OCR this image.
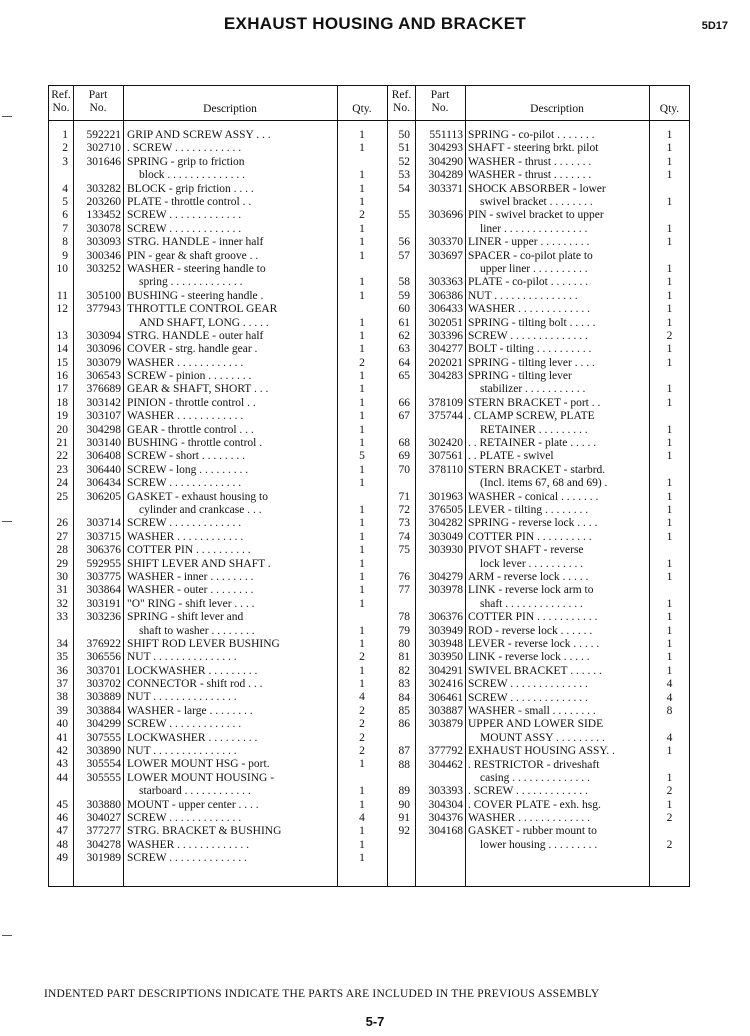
EXHAUST HOUSING AND BRACKET	5D17
Ref.
No.
Part
No.	Description	Qty.
1	592221 GRIP AND SCREW ASSY . . .	1
2	302710 . SCREW . . . . . . . . . . . .	1
3	301646 SPRING - grip to friction
block . . . . . . . . . . . . . .	1
4	303282 BLOCK - grip friction . . . .	1
5	203260 PLATE - throttle control . .	1
6	133452 SCREW . . . . . . . . . . . . .	2
7	303078 SCREW . . . . . . . . . . . . .	1
8	303093 STRG. HANDLE - inner half	1
9	300346 PIN - gear & shaft groove . .	1
10	303252 WASHER - steering handle to
spring . . . . . . . . . . . . .	1
11	305100 BUSHING - steering handle .	1
12	377943 THROTTLE CONTROL GEAR
AND SHAFT, LONG . . . . .	1
13	303094 STRG. HANDLE - outer half	1
14	303096 COVER - strg. handle gear .	1
15	303079 WASHER . . . . . . . . . . . .	2
16	306543 SCREW - pinion . . . . . . . .	1
17	376689 GEAR & SHAFT, SHORT . . .	1
18	303142 PINION - throttle control . .	1
19	303107 WASHER . . . . . . . . . . . .	1
20	304298 GEAR - throttle control . . .	1
21	303140 BUSHING - throttle control .	1
22	306408 SCREW - short . . . . . . . .	5
23	306440 SCREW - long . . . . . . . . .	1
24	306434 SCREW . . . . . . . . . . . . .	1
25	306205 GASKET - exhaust housing to
cylinder and crankcase . . .	1
26	303714 SCREW . . . . . . . . . . . . .	1
27	303715 WASHER . . . . . . . . . . . .	1
28	306376 COTTER PIN . . . . . . . . . .	1
29	592955 SHIFT LEVER AND SHAFT .	1
30	303775 WASHER - inner . . . . . . . .	1
31	303864 WASHER - outer . . . . . . . .	1
32	303191 "O" RING - shift lever . . . .	1
33	303236 SPRING - shift lever and
shaft to washer . . . . . . . .	1
34	376922 SHIFT ROD LEVER BUSHING	1
35	306556 NUT . . . . . . . . . . . . . . .	2
36	303701 LOCKWASHER . . . . . . . . .	1
37	303702 CONNECTOR - shift rod . . .	1
38	303889 NUT . . . . . . . . . . . . . . .	4
39	303884 WASHER - large . . . . . . . .	2
40	304299 SCREW . . . . . . . . . . . . .	2
41	307555 LOCKWASHER . . . . . . . . .	2
42	303890 NUT . . . . . . . . . . . . . . .	2
43	305554 LOWER MOUNT HSG - port.	1
44	305555 LOWER MOUNT HOUSING -
starboard . . . . . . . . . . . .	1
45	303880 MOUNT - upper center . . . .	1
46	304027 SCREW . . . . . . . . . . . . .	4
47	377277 STRG. BRACKET & BUSHING	1
48	304278 WASHER . . . . . . . . . . . . .	1
49	301989 SCREW . . . . . . . . . . . . . .	1
Ref.
No.
Part
No.	Description	Qty.
50	551113 SPRING - co-pilot . . . . . . .	1
51	304293 SHAFT - steering brkt. pilot	1
52	304290 WASHER - thrust . . . . . . .	1
53	304289 WASHER - thrust . . . . . . .	1
54	303371 SHOCK ABSORBER - lower
swivel bracket . . . . . . . .	1
55	303696 PIN - swivel bracket to upper
liner . . . . . . . . . . . . . . .	1
56	303370 LINER - upper . . . . . . . . .	1
57	303697 SPACER - co-pilot plate to
upper liner . . . . . . . . . .	1
58	303363 PLATE - co-pilot . . . . . . .	1
59	306386 NUT . . . . . . . . . . . . . . .	1
60	306433 WASHER . . . . . . . . . . . . .	1
61	302051 SPRING - tilting bolt . . . . .	1
62	303396 SCREW . . . . . . . . . . . . . .	2
63	304277 BOLT - tilting . . . . . . . . . .	1
64	202021 SPRING - tilting lever . . . .	1
65	304283 SPRING - tilting lever
stabilizer . . . . . . . . . . .	1
66	378109 STERN BRACKET - port . .	1
67	375744 . CLAMP SCREW, PLATE
RETAINER . . . . . . . . .	1
68	302420 . . RETAINER - plate . . . . .	1
69	307561 . . PLATE - swivel	1
70	378110 STERN BRACKET - starbrd.
(Incl. items 67, 68 and 69) .	1
71	301963 WASHER - conical . . . . . . .	1
72	376505 LEVER - tilting . . . . . . . .	1
73	304282 SPRING - reverse lock . . . .	1
74	303049 COTTER PIN . . . . . . . . . .	1
75	303930 PIVOT SHAFT - reverse
lock lever . . . . . . . . . .	1
76	304279 ARM - reverse lock . . . . .	1
77	303978 LINK - reverse lock arm to
shaft . . . . . . . . . . . . . .	1
78	306376 COTTER PIN . . . . . . . . . . .	1
79	303949 ROD - reverse lock . . . . . .	1
80	303948 LEVER - reverse lock . . . . .	1
81	303950 LINK - reverse lock . . . . .	1
82	304291 SWIVEL BRACKET . . . . . .	1
83	302416 SCREW . . . . . . . . . . . . . .	4
84	306461 SCREW . . . . . . . . . . . . . .	4
85	303887 WASHER - small . . . . . . . .	8
86	303879 UPPER AND LOWER SIDE
MOUNT ASSY . . . . . . . . .	4
87	377792 EXHAUST HOUSING ASSY. .	1
88	304462 . RESTRICTOR - driveshaft
casing . . . . . . . . . . . . . .	1
89	303393 . SCREW . . . . . . . . . . . . .	2
90	304304 . COVER PLATE - exh. hsg.	1
91	304376 WASHER . . . . . . . . . . . . .	2
92	304168 GASKET - rubber mount to
lower housing . . . . . . . . .	2
INDENTED PART DESCRIPTIONS INDICATE THE PARTS ARE INCLUDED IN THE PREVIOUS ASSEMBLY
5-7
